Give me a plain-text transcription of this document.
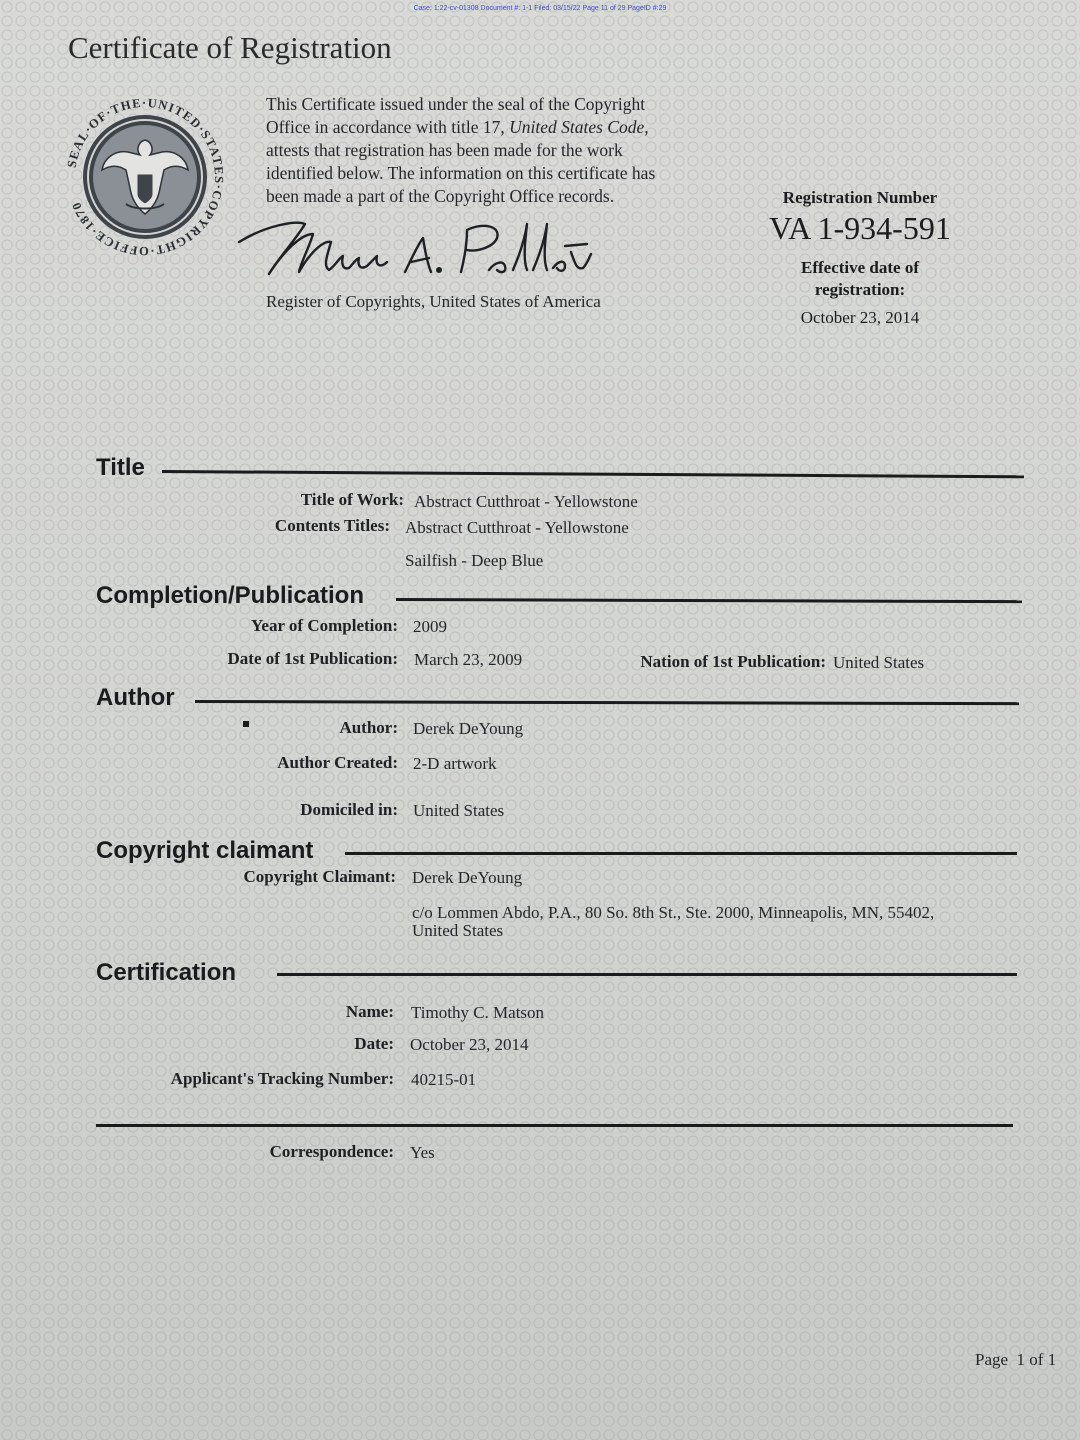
Case: 1:22-cv-01308 Document #: 1-1 Filed: 03/15/22 Page 11 of 29 PageID #:29
Certificate of Registration
SEAL·OF·THE·UNITED·STATES·COPYRIGHT·OFFICE·1870
This Certificate issued under the seal of the Copyright
Office in accordance with title 17, United States Code,
attests that registration has been made for the work
identified below. The information on this certificate has
been made a part of the Copyright Office records.
Register of Copyrights, United States of America
Registration Number
VA 1-934-591
Effective date of
registration:
October 23, 2014
Title
Title of Work: Abstract Cutthroat - Yellowstone
Contents Titles: Abstract Cutthroat - Yellowstone
Sailfish - Deep Blue
Completion/Publication
Year of Completion: 2009
Date of 1st Publication: March 23, 2009	Nation of 1st Publication: United States
Author
Author: Derek DeYoung
Author Created: 2-D artwork
Domiciled in: United States
Copyright claimant
Copyright Claimant: Derek DeYoung
c/o Lommen Abdo, P.A., 80 So. 8th St., Ste. 2000, Minneapolis, MN, 55402,
United States
Certification
Name: Timothy C. Matson
Date: October 23, 2014
Applicant's Tracking Number: 40215-01
Correspondence: Yes
Page 1 of 1
